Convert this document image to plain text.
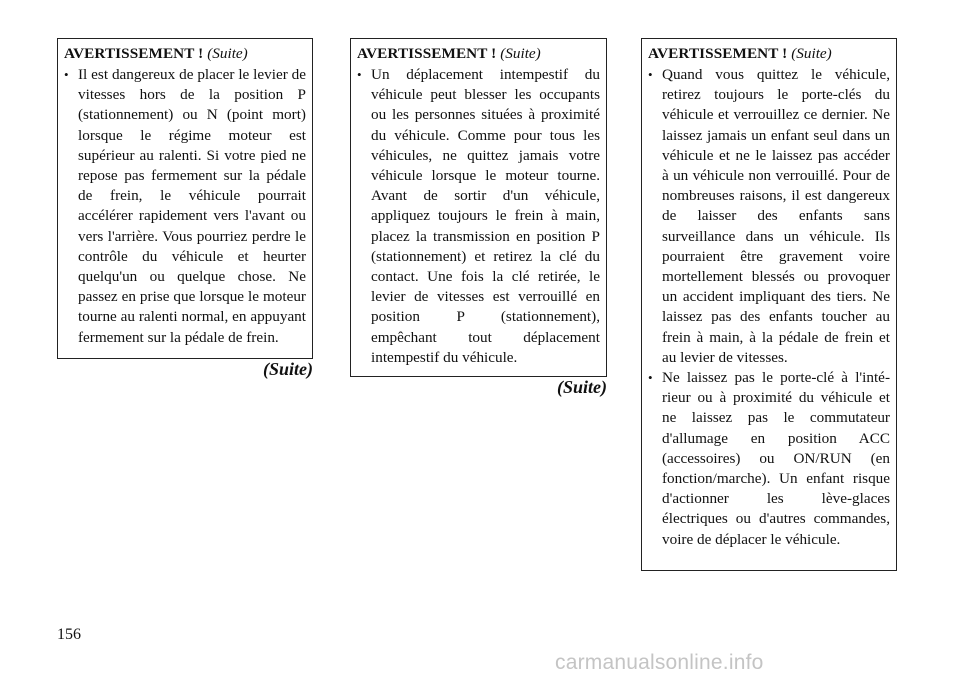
AVERTISSEMENT ! (Suite)
• Il est dangereux de placer le levier de vitesses hors de la position P (stationnement) ou N (point mort) lorsque le régime moteur est supérieur au ralenti. Si votre pied ne repose pas fermement sur la pédale de frein, le véhicule pourrait accélérer rapidement vers l'avant ou vers l'arrière. Vous pourriez perdre le contrôle du véhicule et heurter quelqu'un ou quelque chose. Ne passez en prise que lorsque le moteur tourne au ralenti normal, en appuyant fermement sur la pédale de frein.
(Suite)
AVERTISSEMENT ! (Suite)
• Un déplacement intempestif du véhicule peut blesser les occupants ou les personnes situées à proximité du véhicule. Comme pour tous les véhicules, ne quittez jamais votre véhicule lorsque le moteur tourne. Avant de sortir d'un véhicule, appliquez toujours le frein à main, placez la transmission en position P (stationnement) et retirez la clé du contact. Une fois la clé retirée, le levier de vitesses est verrouillé en position P (stationnement), empêchant tout déplacement intempestif du véhicule.
(Suite)
AVERTISSEMENT ! (Suite)
• Quand vous quittez le véhicule, retirez toujours le porte-clés du véhicule et verrouillez ce dernier. Ne laissez jamais un enfant seul dans un véhicule et ne le laissez pas accéder à un véhicule non verrouillé. Pour de nombreuses raisons, il est dangereux de laisser des enfants sans surveillance dans un véhicule. Ils pourraient être gravement voire mortellement blessés ou provoquer un accident impliquant des tiers. Ne laissez pas des enfants toucher au frein à main, à la pédale de frein et au levier de vitesses.
• Ne laissez pas le porte-clé à l'intérieur ou à proximité du véhicule et ne laissez pas le commutateur d'allumage en position ACC (accessoires) ou ON/RUN (en fonction/marche). Un enfant risque d'actionner les lève-glaces électriques ou d'autres commandes, voire de déplacer le véhicule.
156
carmanualsonline.info
